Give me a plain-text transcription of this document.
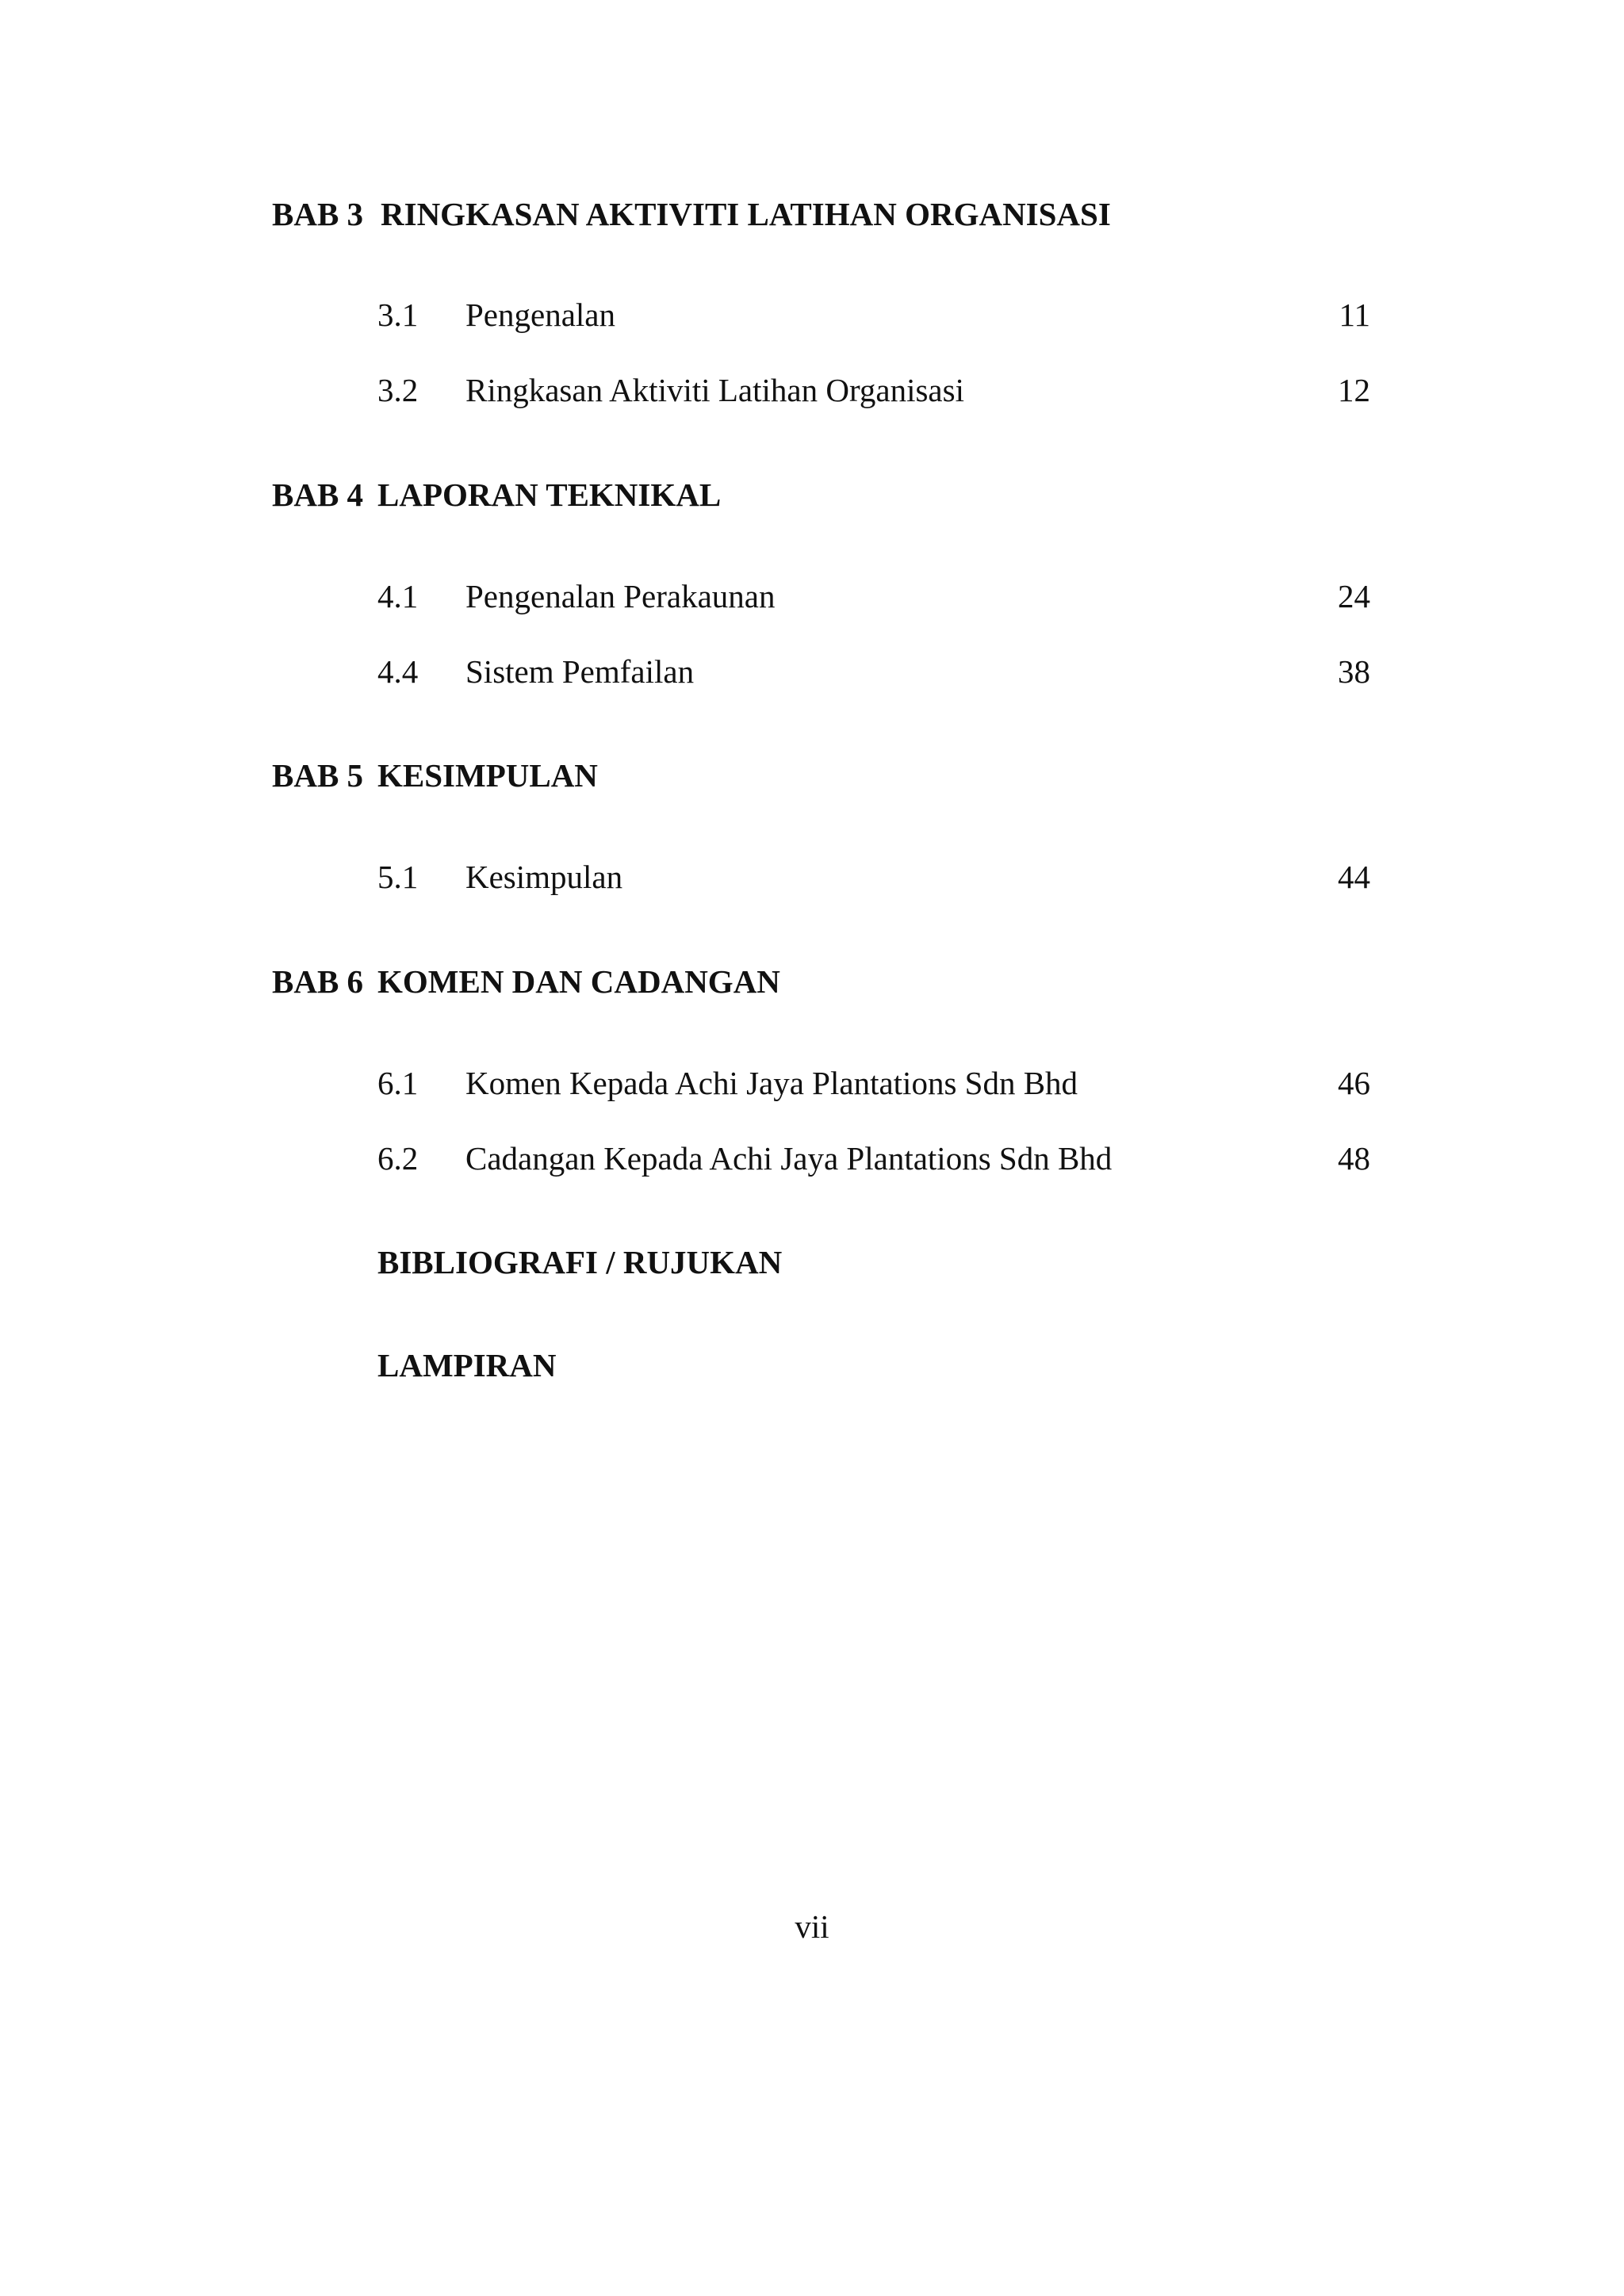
BAB 3 RINGKASAN AKTIVITI LATIHAN ORGANISASI
3.1 Pengenalan	11
3.2 Ringkasan Aktiviti Latihan Organisasi	12
BAB 4 LAPORAN TEKNIKAL
4.1 Pengenalan Perakaunan	24
4.4 Sistem Pemfailan	38
BAB 5 KESIMPULAN
5.1 Kesimpulan	44
BAB 6 KOMEN DAN CADANGAN
6.1 Komen Kepada Achi Jaya Plantations Sdn Bhd	46
6.2 Cadangan Kepada Achi Jaya Plantations Sdn Bhd	48
BIBLIOGRAFI / RUJUKAN
LAMPIRAN
vii
